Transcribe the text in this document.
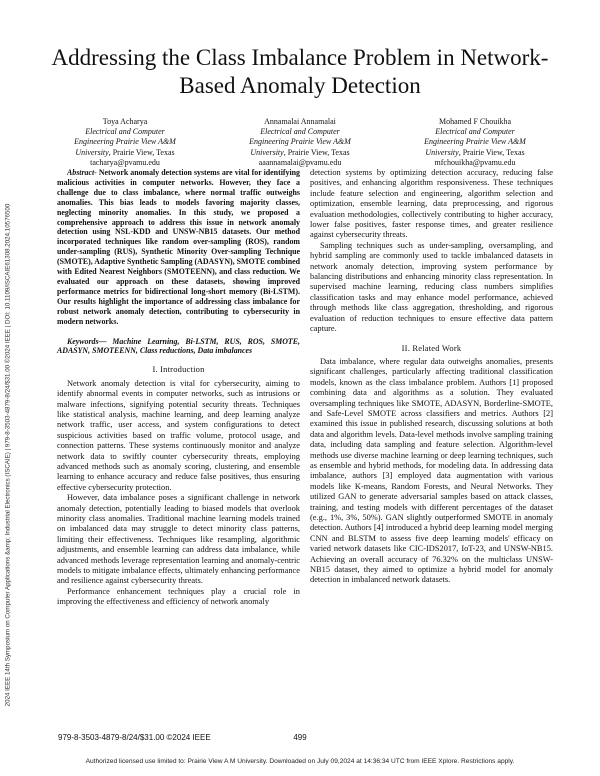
2024 IEEE 14th Symposium on Computer Applications &amp; Industrial Electronics (ISCAIE) | 979-8-3503-4879-8/24/$31.00 ©2024 IEEE | DOI: 10.1109/ISCAIE61308.2024.10576500
Addressing the Class Imbalance Problem in Network-Based Anomaly Detection
Toya Acharya
Electrical and Computer
Engineering Prairie View A&M
University, Prairie View, Texas
tacharya@pvamu.edu
Annamalai Annamalai
Electrical and Computer
Engineering Prairie View A&M
University, Prairie View, Texas
aaannamalai@pvamu.edu
Mohamed F Chouikha
Electrical and Computer
Engineering Prairie View A&M
University, Prairie View, Texas
mfchouikha@pvamu.edu

Abstract- Network anomaly detection systems are vital for identifying malicious activities in computer networks. However, they face a challenge due to class imbalance, where normal traffic outweighs anomalies. This bias leads to models favoring majority classes, neglecting minority anomalies. In this study, we proposed a comprehensive approach to address this issue in network anomaly detection using NSL-KDD and UNSW-NB15 datasets. Our method incorporated techniques like random over-sampling (ROS), random under-sampling (RUS), Synthetic Minority Over-sampling Technique (SMOTE), Adaptive Synthetic Sampling (ADASYN), SMOTE combined with Edited Nearest Neighbors (SMOTEENN), and class reduction. We evaluated our approach on these datasets, showing improved performance metrics for bidirectional long-short memory (Bi-LSTM). Our results highlight the importance of addressing class imbalance for robust network anomaly detection, contributing to cybersecurity in modern networks.

Keywords— Machine Learning, Bi-LSTM, RUS, ROS, SMOTE, ADASYN, SMOTEENN, Class reductions, Data imbalances

I. Introduction

Network anomaly detection is vital for cybersecurity, aiming to identify abnormal events in computer networks, such as intrusions or malware infections, signifying potential security threats. Techniques like statistical analysis, machine learning, and deep learning analyze network traffic, user access, and system configurations to detect suspicious activities based on traffic volume, protocol usage, and connection patterns. These systems continuously monitor and analyze network data to swiftly counter cybersecurity threats, employing advanced methods such as anomaly scoring, clustering, and ensemble learning to enhance accuracy and reduce false positives, thus ensuring effective cybersecurity protection.

However, data imbalance poses a significant challenge in network anomaly detection, potentially leading to biased models that overlook minority class anomalies. Traditional machine learning models trained on imbalanced data may struggle to detect minority class patterns, limiting their effectiveness. Techniques like resampling, algorithmic adjustments, and ensemble learning can address data imbalance, while advanced methods leverage representation learning and anomaly-centric models to mitigate imbalance effects, ultimately enhancing performance and resilience against cybersecurity threats.

Performance enhancement techniques play a crucial role in improving the effectiveness and efficiency of network anomaly

detection systems by optimizing detection accuracy, reducing false positives, and enhancing algorithm responsiveness. These techniques include feature selection and engineering, algorithm selection and optimization, ensemble learning, data preprocessing, and rigorous evaluation methodologies, collectively contributing to higher accuracy, lower false positives, faster response times, and greater resilience against cybersecurity threats.

Sampling techniques such as under-sampling, oversampling, and hybrid sampling are commonly used to tackle imbalanced datasets in network anomaly detection, improving system performance by balancing distributions and enhancing minority class representation. In supervised machine learning, reducing class numbers simplifies classification tasks and may enhance model performance, achieved through methods like class aggregation, thresholding, and rigorous evaluation of reduction techniques to ensure effective data pattern capture.

II. Related Work

Data imbalance, where regular data outweighs anomalies, presents significant challenges, particularly affecting traditional classification models, known as the class imbalance problem. Authors [1] proposed combining data and algorithms as a solution. They evaluated oversampling techniques like SMOTE, ADASYN, Borderline-SMOTE, and Safe-Level SMOTE across classifiers and metrics. Authors [2] examined this issue in published research, discussing solutions at both data and algorithm levels. Data-level methods involve sampling training data, including data sampling and feature selection. Algorithm-level methods use diverse machine learning or deep learning techniques, such as ensemble and hybrid methods, for modeling data. In addressing data imbalance, authors [3] employed data augmentation with various models like K-means, Random Forests, and Neural Networks. They utilized GAN to generate adversarial samples based on attack classes, training, and testing models with different percentages of the dataset (e.g., 1%, 3%, 50%). GAN slightly outperformed SMOTE in anomaly detection. Authors [4] introduced a hybrid deep learning model merging CNN and BLSTM to assess five deep learning models' efficacy on varied network datasets like CIC-IDS2017, IoT-23, and UNSW-NB15. Achieving an overall accuracy of 76.32% on the multiclass UNSW-NB15 dataset, they aimed to optimize a hybrid model for anomaly detection in imbalanced network datasets.

979-8-3503-4879-8/24/$31.00 ©2024 IEEE	499
Authorized licensed use limited to: Prairie View A M University. Downloaded on July 09,2024 at 14:36:34 UTC from IEEE Xplore. Restrictions apply.
